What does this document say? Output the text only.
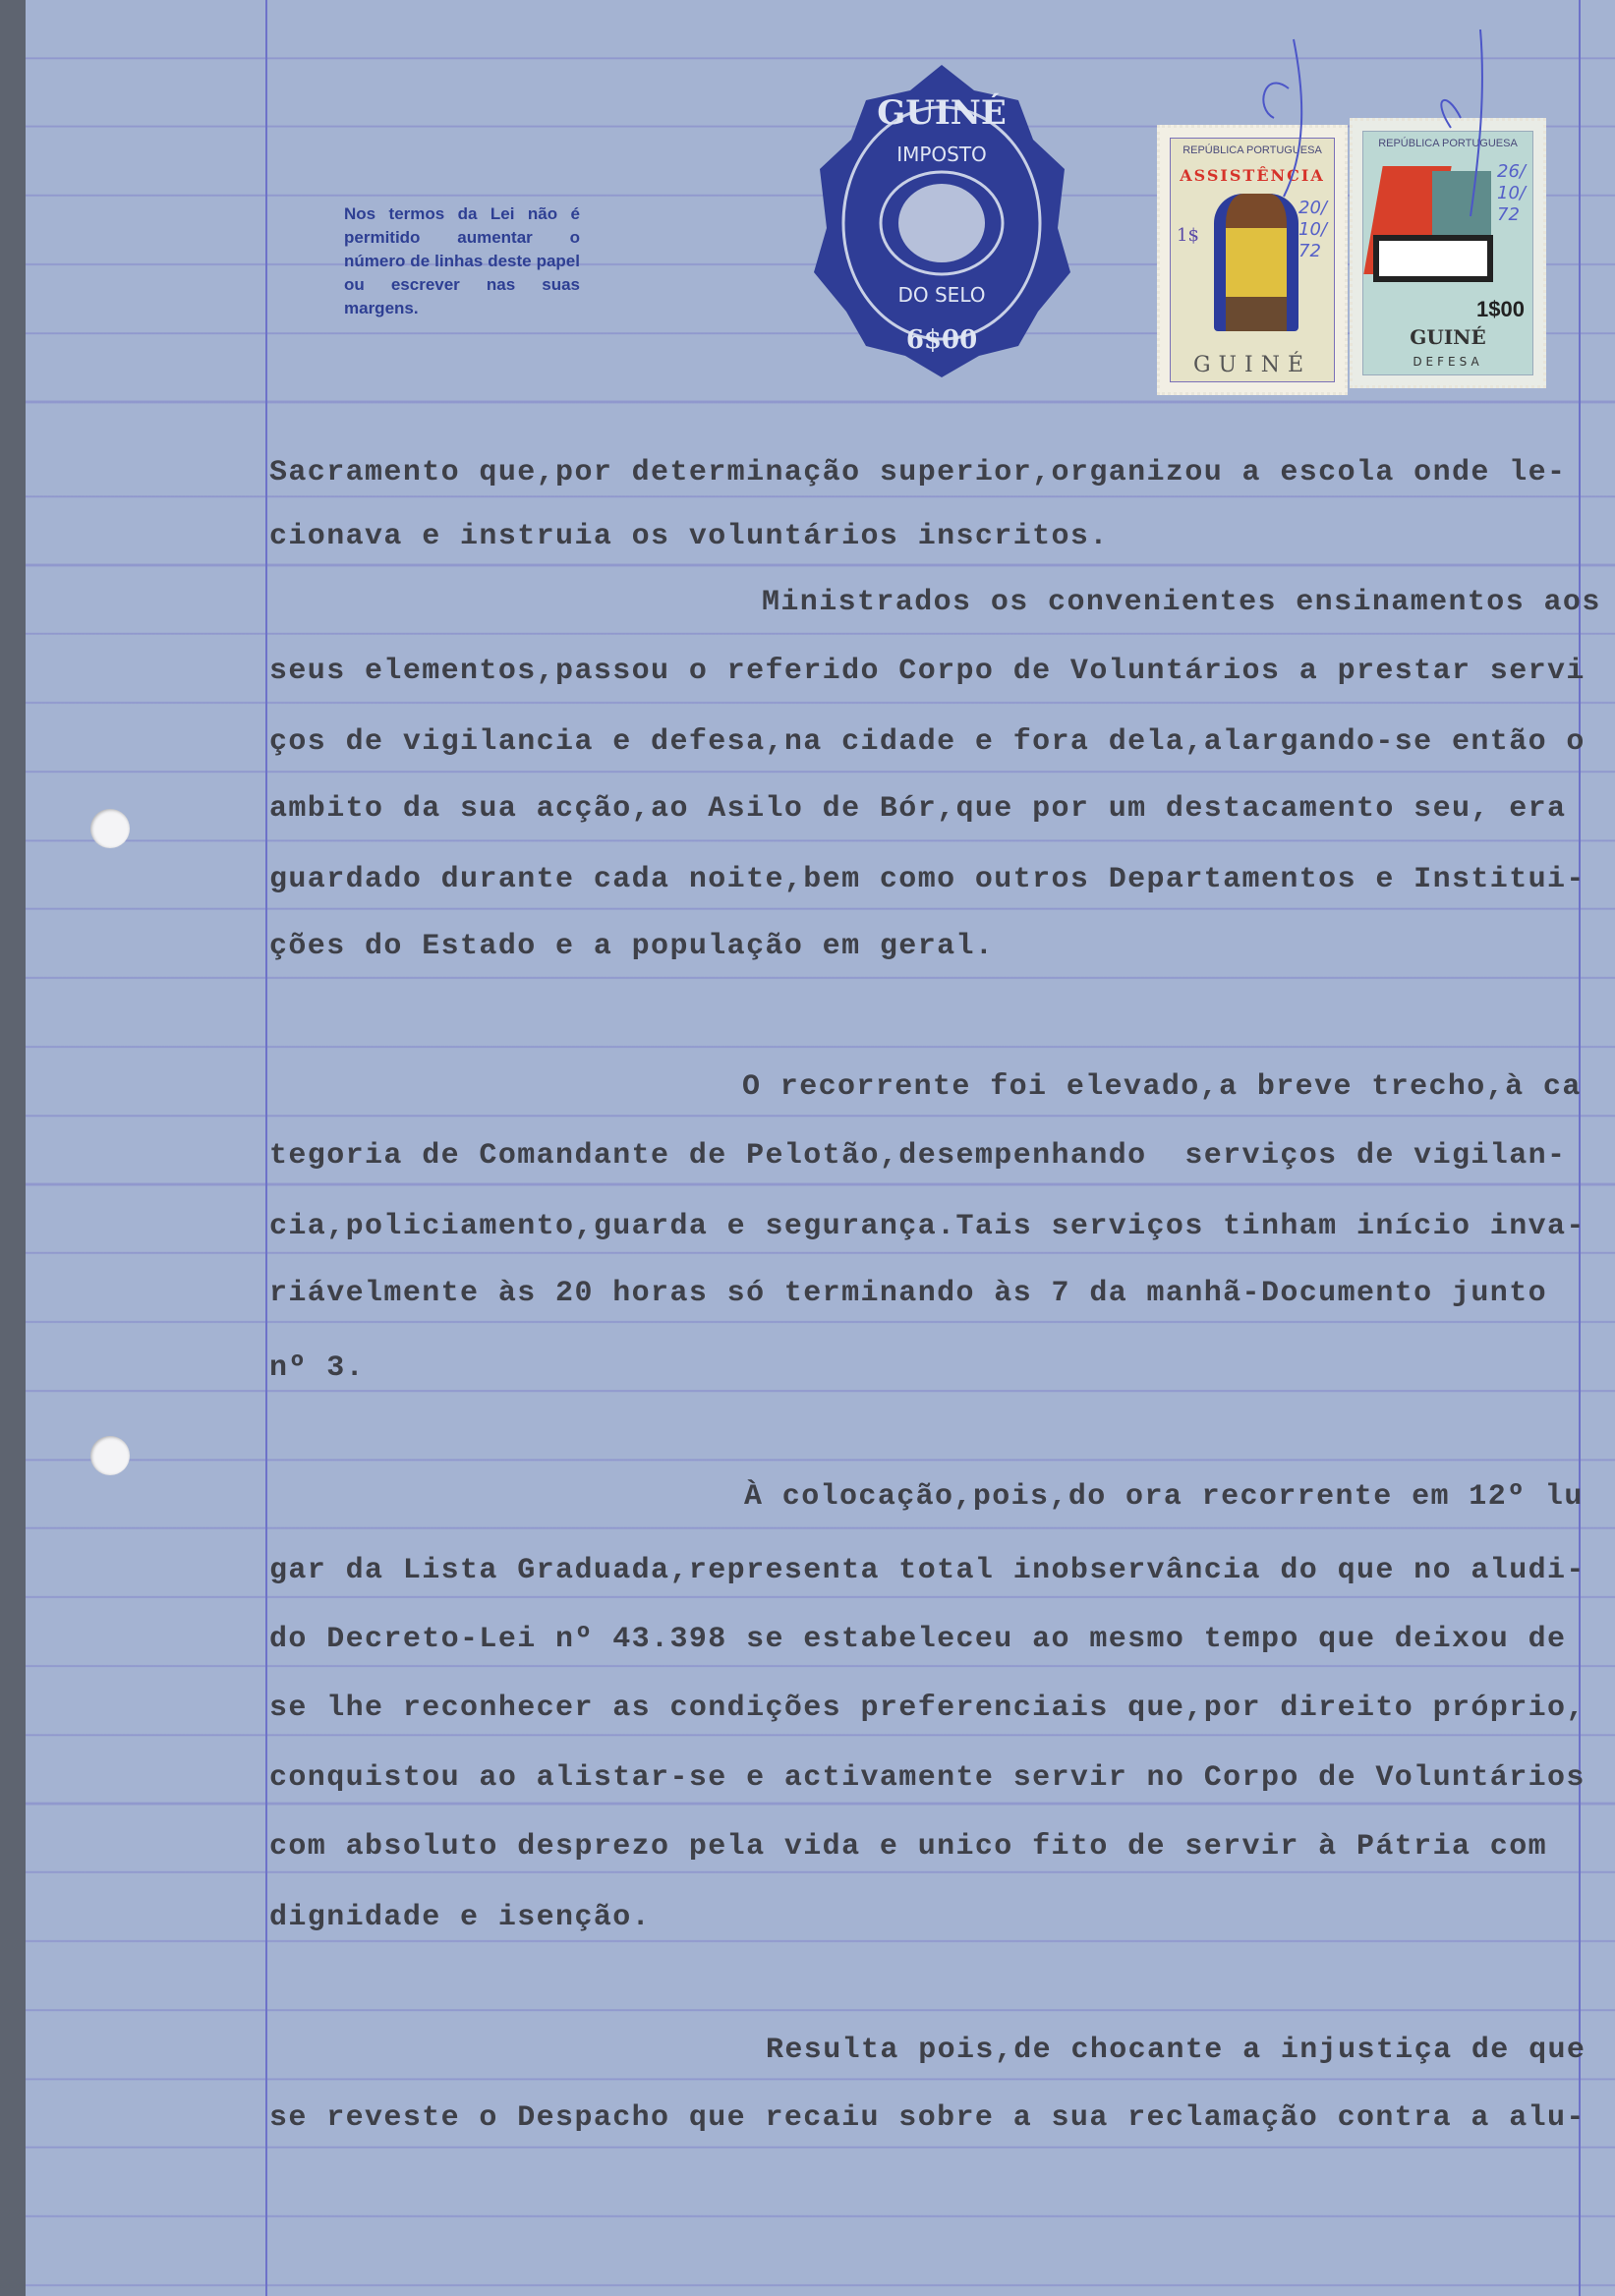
Nos termos da Lei não é permitido aumentar o número de linhas deste papel ou escrever nas suas margens.
GUINÉ
IMPOSTO
DO SELO
6$00
REPÚBLICA PORTUGUESA
ASSISTÊNCIA
1$
GUINÉ
20/10/72
REPÚBLICA PORTUGUESA
1$00
GUINÉ
DEFESA
26/10/72
Sacramento que,por determinação superior,organizou a escola onde le-
cionava e instruia os voluntários inscritos.
Ministrados os convenientes ensinamentos aos
seus elementos,passou o referido Corpo de Voluntários a prestar servi
ços de vigilancia e defesa,na cidade e fora dela,alargando-se então o
ambito da sua acção,ao Asilo de Bór,que por um destacamento seu, era
guardado durante cada noite,bem como outros Departamentos e Institui-
ções do Estado e a população em geral.
O recorrente foi elevado,a breve trecho,à ca
tegoria de Comandante de Pelotão,desempenhando  serviços de vigilan-
cia,policiamento,guarda e segurança.Tais serviços tinham início inva-
riávelmente às 20 horas só terminando às 7 da manhã-Documento junto
nº 3.
À colocação,pois,do ora recorrente em 12º lu
gar da Lista Graduada,representa total inobservância do que no aludi-
do Decreto-Lei nº 43.398 se estabeleceu ao mesmo tempo que deixou de
se lhe reconhecer as condições preferenciais que,por direito próprio,
conquistou ao alistar-se e activamente servir no Corpo de Voluntários
com absoluto desprezo pela vida e unico fito de servir à Pátria com
dignidade e isenção.
Resulta pois,de chocante a injustiça de que
se reveste o Despacho que recaiu sobre a sua reclamação contra a alu-
